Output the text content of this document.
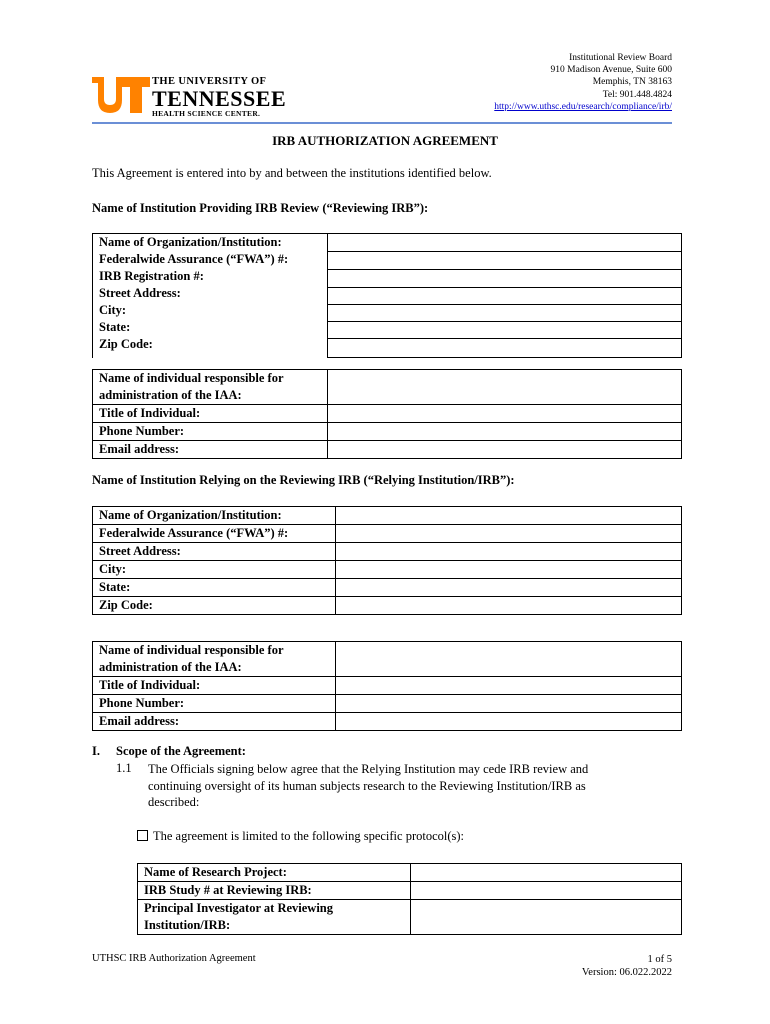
Institutional Review Board
910 Madison Avenue, Suite 600
Memphis, TN 38163
Tel: 901.448.4824
http://www.uthsc.edu/research/compliance/irb/
THE UNIVERSITY OF
TENNESSEE
HEALTH SCIENCE CENTER.
IRB AUTHORIZATION AGREEMENT
This Agreement is entered into by and between the institutions identified below.
Name of Institution Providing IRB Review (“Reviewing IRB”):
Name of Organization/Institution:
Federalwide Assurance (“FWA”) #:
IRB Registration #:
Street Address:
City:
State:
Zip Code:

Name of individual responsible for administration of the IAA:	

Title of Individual:	
Phone Number:	
Email address:	
Name of Institution Relying on the Reviewing IRB (“Relying Institution/IRB”):
Name of Organization/Institution:	
Federalwide Assurance (“FWA”) #:	
Street Address:	
City:	
State:	
Zip Code:	
Name of individual responsible for administration of the IAA:	

Title of Individual:	
Phone Number:	
Email address:	
I. Scope of the Agreement:
1.1 The Officials signing below agree that the Relying Institution may cede IRB review and
continuing oversight of its human subjects research to the Reviewing Institution/IRB as
described:
The agreement is limited to the following specific protocol(s):
Name of Research Project:	
IRB Study # at Reviewing IRB:	

Principal Investigator at Reviewing Institution/IRB:	

UTHSC IRB Authorization Agreement	1 of 5
Version: 06.022.2022
